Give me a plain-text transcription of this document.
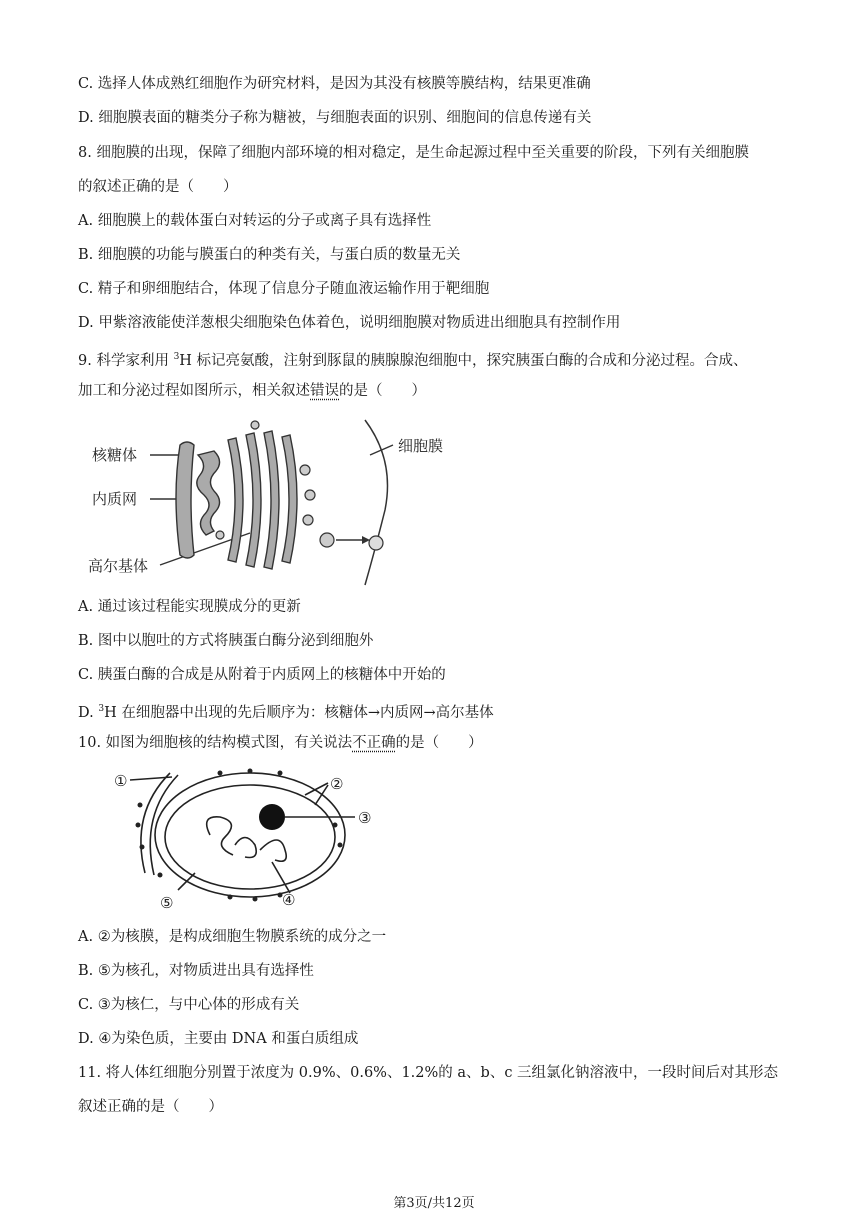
C. 选择人体成熟红细胞作为研究材料，是因为其没有核膜等膜结构，结果更准确
D. 细胞膜表面的糖类分子称为糖被，与细胞表面的识别、细胞间的信息传递有关
8. 细胞膜的出现，保障了细胞内部环境的相对稳定，是生命起源过程中至关重要的阶段，下列有关细胞膜
的叙述正确的是（　　）
A. 细胞膜上的载体蛋白对转运的分子或离子具有选择性
B. 细胞膜的功能与膜蛋白的种类有关，与蛋白质的数量无关
C. 精子和卵细胞结合，体现了信息分子随血液运输作用于靶细胞
D. 甲紫溶液能使洋葱根尖细胞染色体着色，说明细胞膜对物质进出细胞具有控制作用
9. 科学家利用 $^3$H 标记亮氨酸，注射到豚鼠的胰腺腺泡细胞中，探究胰蛋白酶的合成和分泌过程。合成、
加工和分泌过程如图所示，相关叙述错误的是（　　）
核糖体
内质网
高尔基体
细胞膜
A. 通过该过程能实现膜成分的更新
B. 图中以胞吐的方式将胰蛋白酶分泌到细胞外
C. 胰蛋白酶的合成是从附着于内质网上的核糖体中开始的
D. $^3$H 在细胞器中出现的先后顺序为：核糖体→内质网→高尔基体
10. 如图为细胞核的结构模式图，有关说法不正确的是（　　）
①	②
③
④
⑤
A. ②为核膜，是构成细胞生物膜系统的成分之一
B. ⑤为核孔，对物质进出具有选择性
C. ③为核仁，与中心体的形成有关
D. ④为染色质，主要由 DNA 和蛋白质组成
11. 将人体红细胞分别置于浓度为 0.9%、0.6%、1.2%的 a、b、c 三组氯化钠溶液中，一段时间后对其形态
叙述正确的是（　　）
第3页/共12页
